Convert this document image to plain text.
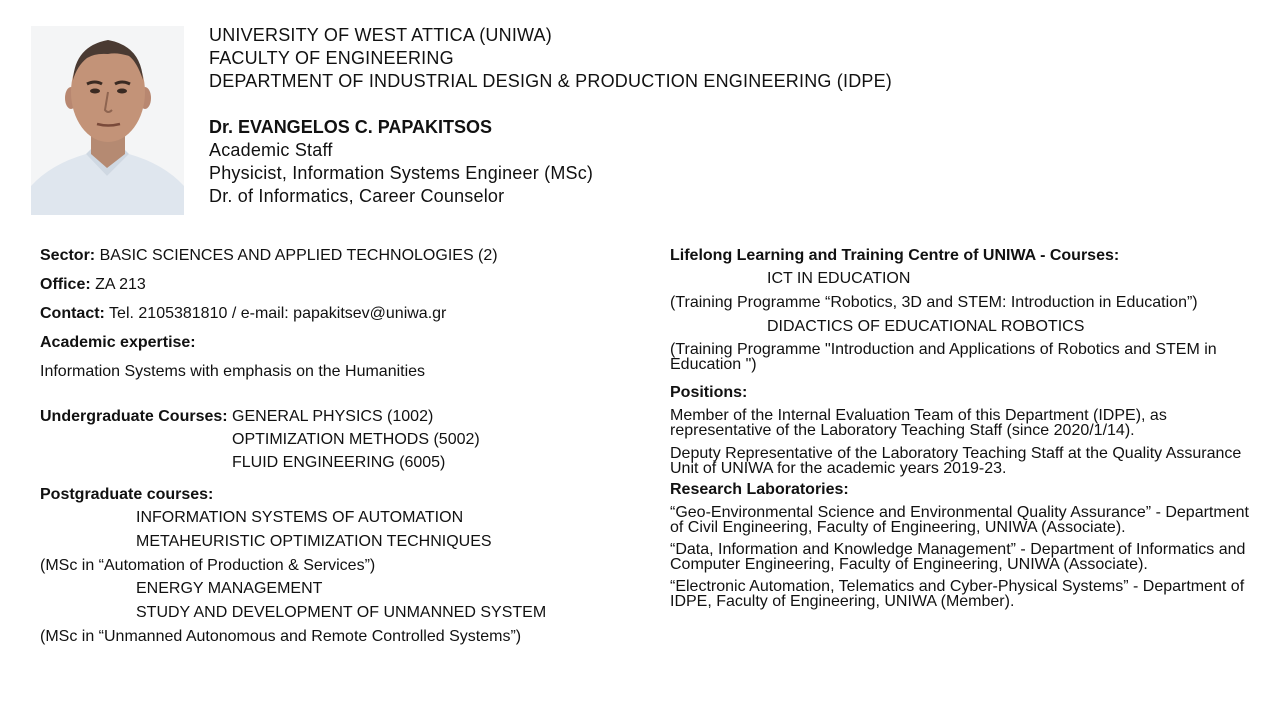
UNIVERSITY OF WEST ATTICA (UNIWA)
FACULTY OF ENGINEERING
DEPARTMENT OF INDUSTRIAL DESIGN & PRODUCTION ENGINEERING (IDPE)
Dr. EVANGELOS C. PAPAKITSOS
Academic Staff
Physicist, Information Systems Engineer (MSc)
Dr. of Informatics, Career Counselor
Sector: BASIC SCIENCES AND APPLIED TECHNOLOGIES (2)
Office: ZA 213
Contact: Tel. 2105381810 / e-mail: papakitsev@uniwa.gr
Academic expertise:
Information Systems with emphasis on the Humanities
Undergraduate Courses: GENERAL PHYSICS (1002)
OPTIMIZATION METHODS (5002)
FLUID ENGINEERING (6005)
Postgraduate courses:
INFORMATION SYSTEMS OF AUTOMATION
METAHEURISTIC OPTIMIZATION TECHNIQUES
(MSc in “Automation of Production & Services”)
ENERGY MANAGEMENT
STUDY AND DEVELOPMENT OF UNMANNED SYSTEM
(MSc in “Unmanned Autonomous and Remote Controlled Systems”)
Lifelong Learning and Training Centre of UNIWA - Courses:
ICT IN EDUCATION
(Training Programme “Robotics, 3D and STEM: Introduction in Education”)
DIDACTICS OF EDUCATIONAL ROBOTICS
(Training Programme "Introduction and Applications of Robotics and STEM in Education ")
Positions:
Member of the Internal Evaluation Team of this Department (IDPE), as representative of the Laboratory Teaching Staff (since 2020/1/14).
Deputy Representative of the Laboratory Teaching Staff at the Quality Assurance Unit of UNIWA for the academic years 2019-23.
Research Laboratories:
“Geo-Environmental Science and Environmental Quality Assurance” - Department of Civil Engineering, Faculty of Engineering, UNIWA (Associate).
“Data, Information and Knowledge Management” - Department of Informatics and Computer Engineering, Faculty of Engineering, UNIWA (Associate).
“Electronic Automation, Telematics and Cyber-Physical Systems” - Department of IDPE, Faculty of Engineering, UNIWA (Member).
